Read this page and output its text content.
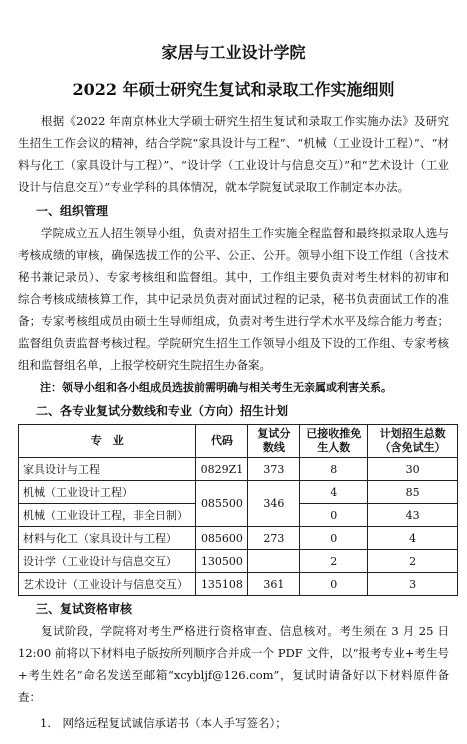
家居与工业设计学院
2022 年硕士研究生复试和录取工作实施细则

根据《2022 年南京林业大学硕士研究生招生复试和录取工作实施办法》及研究生招生工作会议的精神，结合学院“家具设计与工程”、“机械（工业设计工程）”、“材料与化工（家具设计与工程）”、“设计学（工业设计与信息交互）”和“艺术设计（工业设计与信息交互）”专业学科的具体情况，就本学院复试录取工作制定本办法。

一、组织管理

学院成立五人招生领导小组，负责对招生工作实施全程监督和最终拟录取人选与考核成绩的审核，确保选拔工作的公平、公正、公开。领导小组下设工作组（含技术秘书兼记录员）、专家考核组和监督组。其中，工作组主要负责对考生材料的初审和综合考核成绩核算工作，其中记录员负责对面试过程的记录，秘书负责面试工作的准备；专家考核组成员由硕士生导师组成，负责对考生进行学术水平及综合能力考查；监督组负责监督考核过程。学院研究生招生工作领导小组及下设的工作组、专家考核组和监督组名单，上报学校研究生院招生办备案。

注：领导小组和各小组成员选拔前需明确与相关考生无亲属或利害关系。
二、各专业复试分数线和专业（方向）招生计划
专　业	代码	复试分数线	已接收推免生人数	计划招生总数（含免试生）
家具设计与工程	0829Z1	373	8	30
机械（工业设计工程）	085500	346	4	85
机械（工业设计工程，非全日制）			0	43
材料与化工（家具设计与工程）	085600	273	0	4
设计学（工业设计与信息交互）	130500		2	2
艺术设计（工业设计与信息交互）	135108	361	0	3
三、复试资格审核

复试阶段，学院将对考生严格进行资格审查、信息核对。考生须在 3 月 25 日 12:00 前将以下材料电子版按所列顺序合并成一个 PDF 文件，以“报考专业+考生号+考生姓名”命名发送至邮箱“xcybljf@126.com”，复试时请备好以下材料原件备查：

1.　网络远程复试诚信承诺书（本人手写签名）；
